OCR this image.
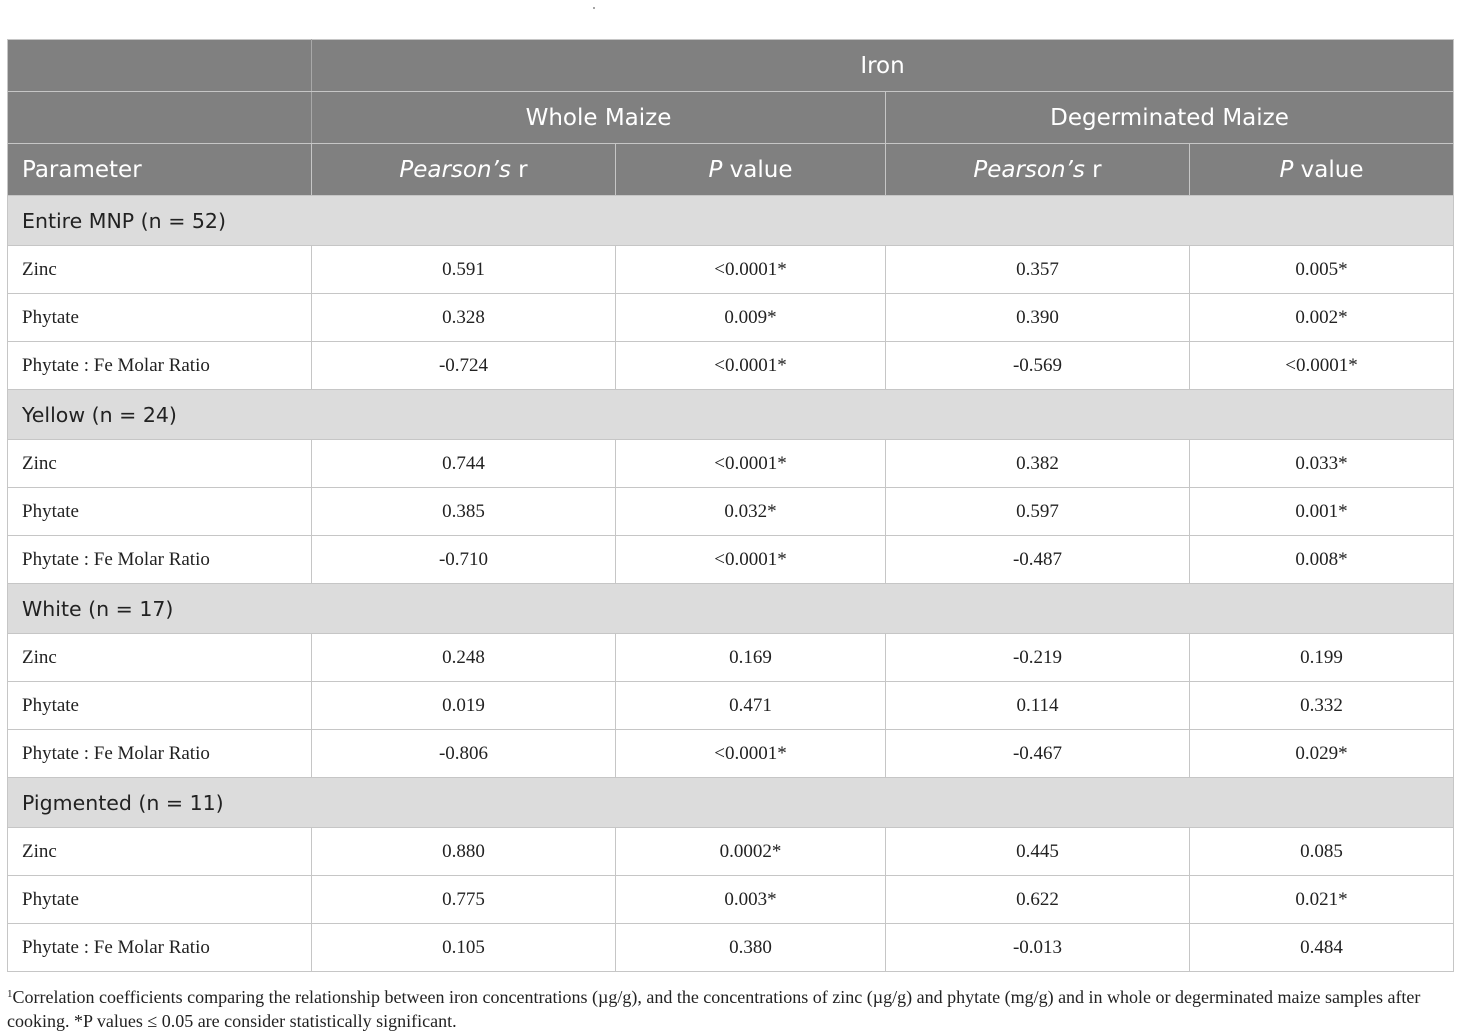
	Iron			
	Whole Maize		Degerminated Maize	
Parameter	Pearson’s r	P value	Pearson’s r	P value
Entire MNP (n = 52)				
Zinc	0.591	<0.0001*	0.357	0.005*
Phytate	0.328	0.009*	0.390	0.002*
Phytate : Fe Molar Ratio	-0.724	<0.0001*	-0.569	<0.0001*
Yellow (n = 24)				
Zinc	0.744	<0.0001*	0.382	0.033*
Phytate	0.385	0.032*	0.597	0.001*
Phytate : Fe Molar Ratio	-0.710	<0.0001*	-0.487	0.008*
White (n = 17)				
Zinc	0.248	0.169	-0.219	0.199
Phytate	0.019	0.471	0.114	0.332
Phytate : Fe Molar Ratio	-0.806	<0.0001*	-0.467	0.029*
Pigmented (n = 11)				
Zinc	0.880	0.0002*	0.445	0.085
Phytate	0.775	0.003*	0.622	0.021*
Phytate : Fe Molar Ratio	0.105	0.380	-0.013	0.484
$^1$Correlation coefficients comparing the relationship between iron concentrations (µg/g), and the concentrations of zinc (µg/g) and phytate (mg/g) and in whole or degerminated maize samples after cooking. *P values ≤ 0.05 are consider statistically significant.
